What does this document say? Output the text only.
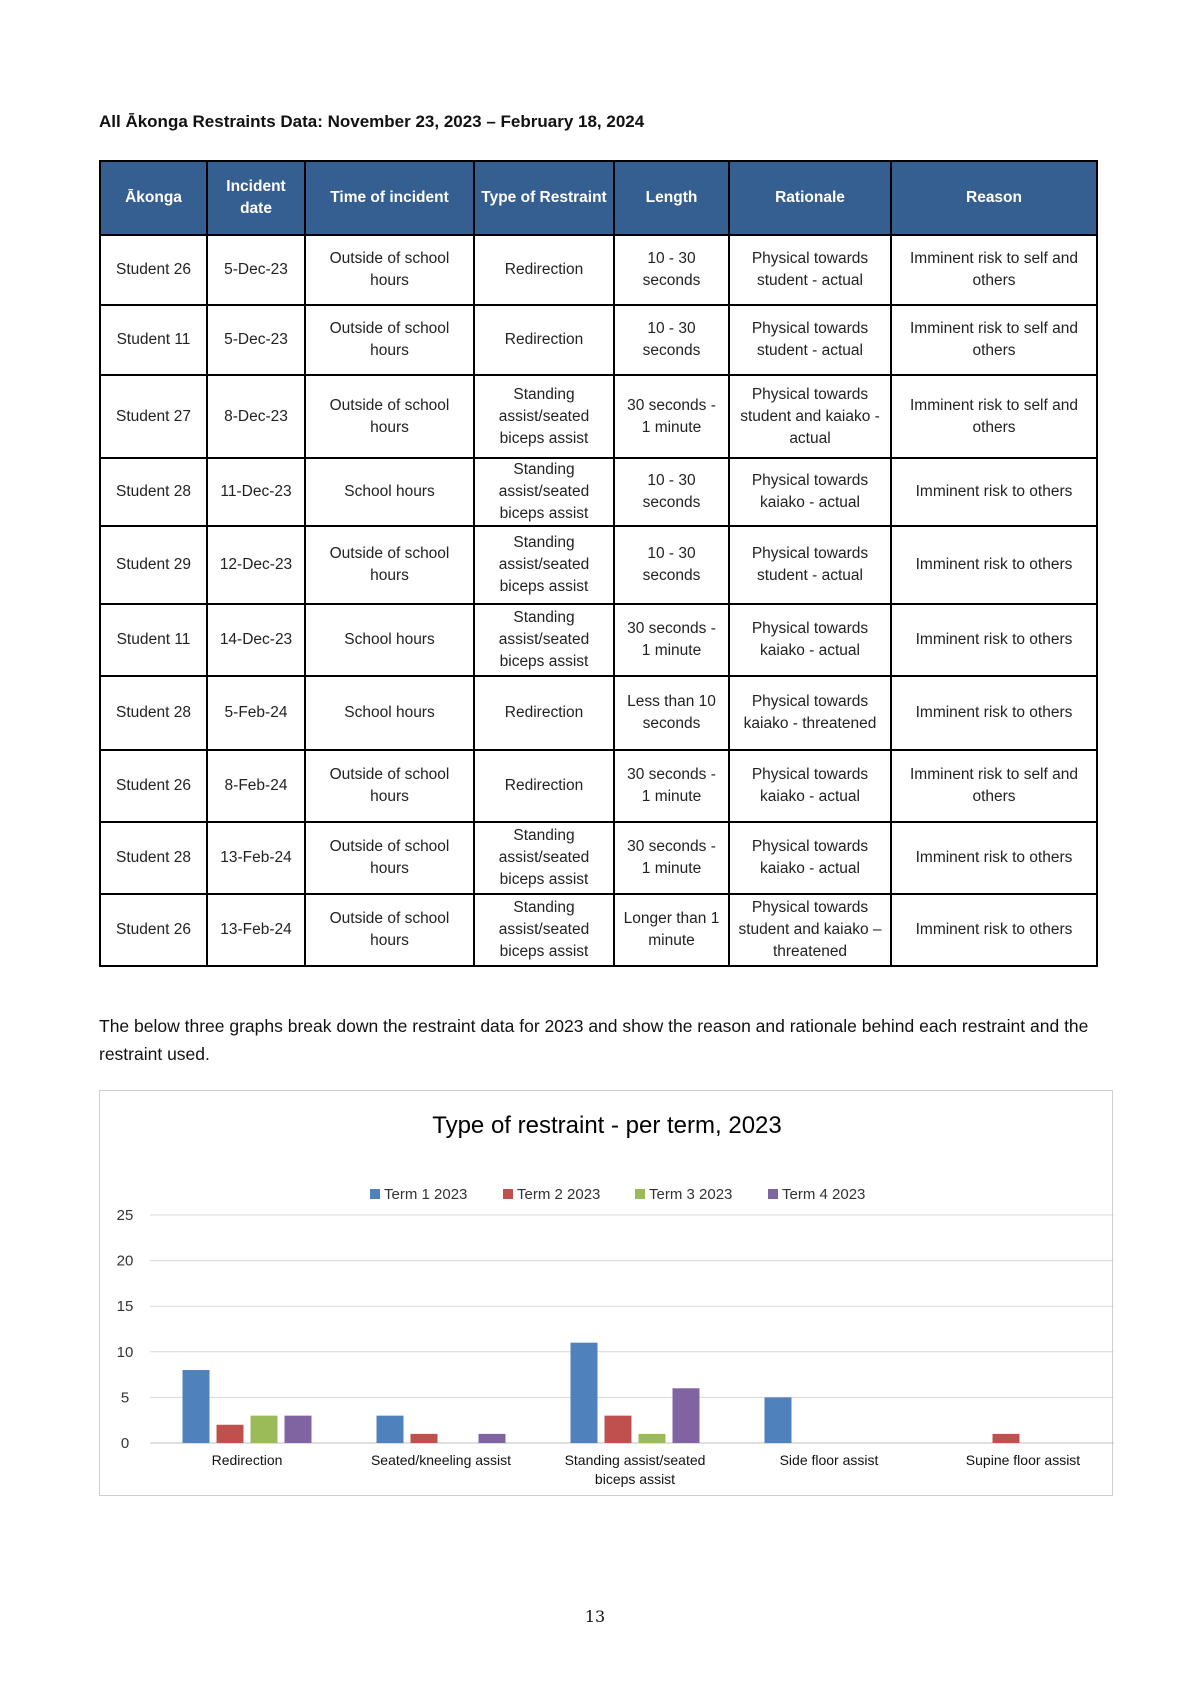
All Ākonga Restraints Data: November 23, 2023 – February 18, 2024
Ākonga	Incident date	Time of incident	Type of Restraint	Length	Rationale	Reason
Student 26	5-Dec-23	Outside of school hours	Redirection	10 - 30 seconds	Physical towards student - actual	Imminent risk to self and others
Student 11	5-Dec-23	Outside of school hours	Redirection	10 - 30 seconds	Physical towards student - actual	Imminent risk to self and others
Student 27	8-Dec-23	Outside of school hours	Standing assist/seated biceps assist	30 seconds - 1 minute	Physical towards student and kaiako - actual	Imminent risk to self and others
Student 28	11-Dec-23	School hours	Standing assist/seated biceps assist	10 - 30 seconds	Physical towards kaiako - actual	Imminent risk to others
Student 29	12-Dec-23	Outside of school hours	Standing assist/seated biceps assist	10 - 30 seconds	Physical towards student - actual	Imminent risk to others
Student 11	14-Dec-23	School hours	Standing assist/seated biceps assist	30 seconds - 1 minute	Physical towards kaiako - actual	Imminent risk to others
Student 28	5-Feb-24	School hours	Redirection	Less than 10 seconds	Physical towards kaiako - threatened	Imminent risk to others
Student 26	8-Feb-24	Outside of school hours	Redirection	30 seconds - 1 minute	Physical towards kaiako - actual	Imminent risk to self and others
Student 28	13-Feb-24	Outside of school hours	Standing assist/seated biceps assist	30 seconds - 1 minute	Physical towards kaiako - actual	Imminent risk to others
Student 26	13-Feb-24	Outside of school hours	Standing assist/seated biceps assist	Longer than 1 minute	Physical towards student and kaiako – threatened	Imminent risk to others

The below three graphs break down the restraint data for 2023 and show the reason and rationale behind each restraint and the restraint used.

Type of restraint - per term, 2023
Term 1 2023	Term 2 2023	Term 3 2023	Term 4 2023
0
5
10
15
20
25
Redirection	Seated/kneeling assist	Standing assist/seated biceps assist
Side floor assist	Supine floor assist
13
